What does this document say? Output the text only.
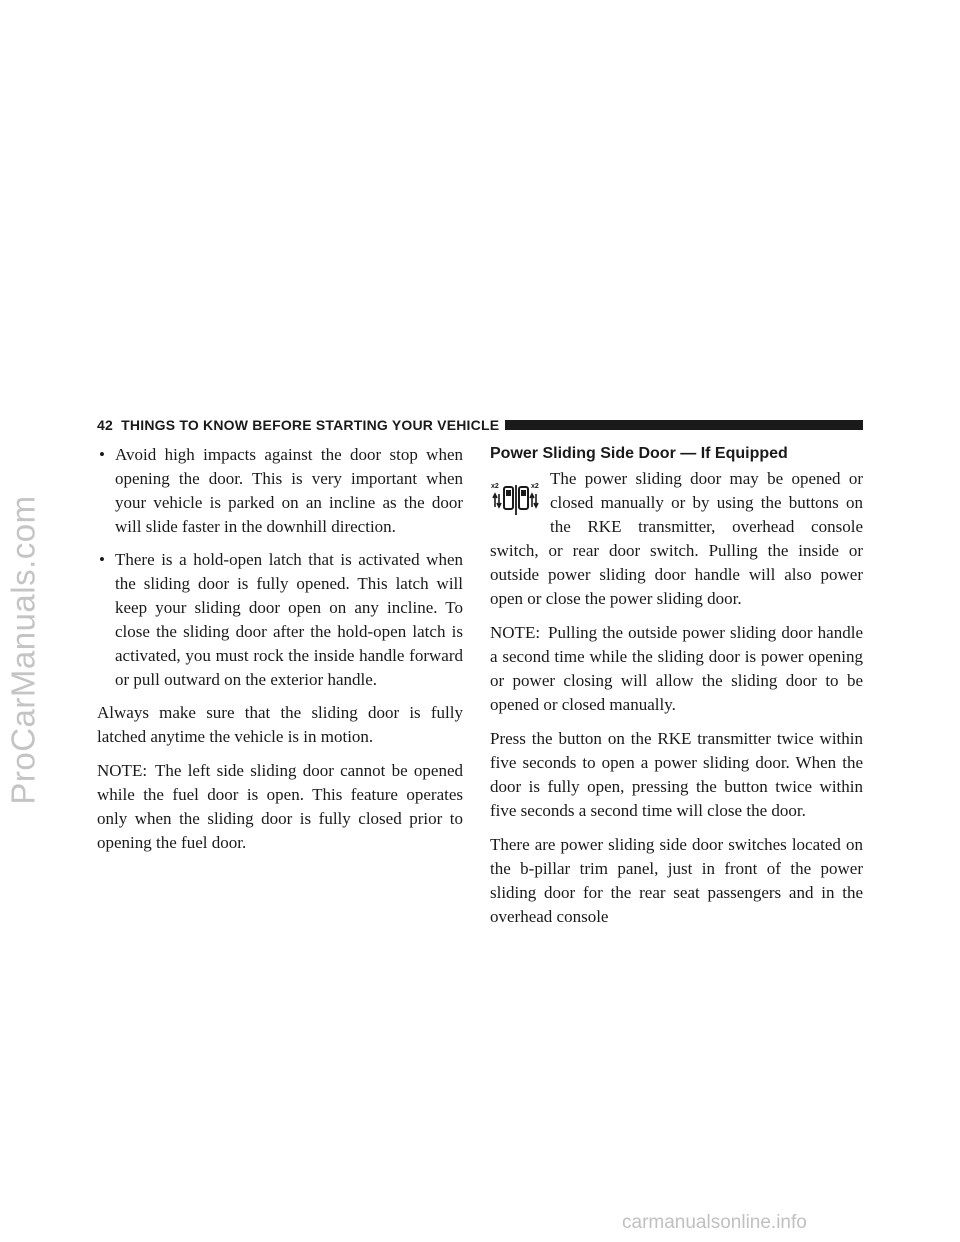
ProCarManuals.com
42 THINGS TO KNOW BEFORE STARTING YOUR VEHICLE
• Avoid high impacts against the door stop when opening the door. This is very important when your vehicle is parked on an incline as the door will slide faster in the downhill direction.
• There is a hold-open latch that is activated when the sliding door is fully opened. This latch will keep your sliding door open on any incline. To close the sliding door after the hold-open latch is activated, you must rock the inside handle forward or pull outward on the exterior handle.

Always make sure that the sliding door is fully latched anytime the vehicle is in motion.

NOTE: The left side sliding door cannot be opened while the fuel door is open. This feature operates only when the sliding door is fully closed prior to opening the fuel door.

Power Sliding Side Door — If Equipped
x2	x2 The power sliding door may be opened or closed manually or by using the buttons on the RKE transmitter, overhead console switch, or rear door switch. Pulling the inside or outside power sliding door handle will also power open or close the power sliding door.

NOTE: Pulling the outside power sliding door handle a second time while the sliding door is power opening or power closing will allow the sliding door to be opened or closed manually.

Press the button on the RKE transmitter twice within five seconds to open a power sliding door. When the door is fully open, pressing the button twice within five seconds a second time will close the door.

There are power sliding side door switches located on the b-pillar trim panel, just in front of the power sliding door for the rear seat passengers and in the overhead console

carmanualsonline.info
